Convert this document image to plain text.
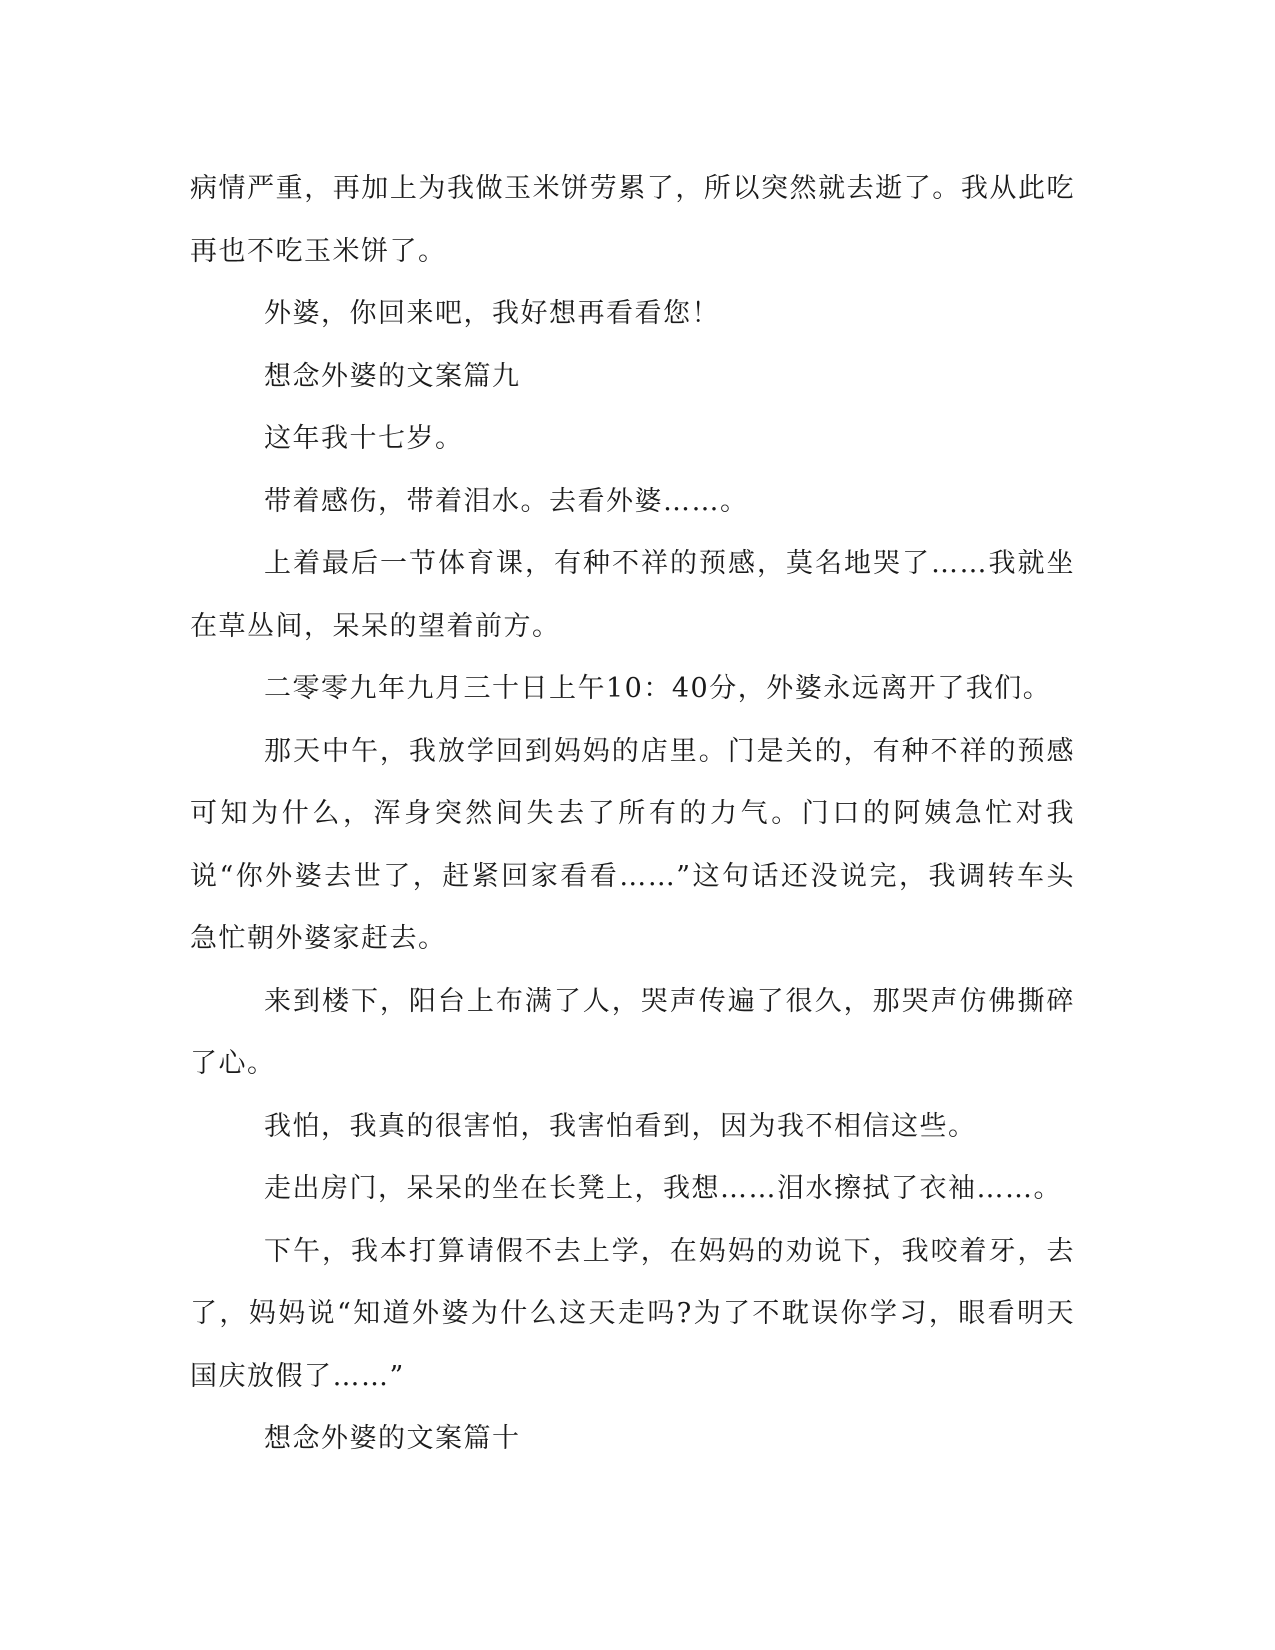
病情严重，再加上为我做玉米饼劳累了，所以突然就去逝了。我从此吃再也不吃玉米饼了。

外婆，你回来吧，我好想再看看您！

想念外婆的文案篇九

这年我十七岁。

带着感伤，带着泪水。去看外婆……。

上着最后一节体育课，有种不祥的预感，莫名地哭了……我就坐在草丛间，呆呆的望着前方。

二零零九年九月三十日上午10：40分，外婆永远离开了我们。

那天中午，我放学回到妈妈的店里。门是关的，有种不祥的预感可知为什么，浑身突然间失去了所有的力气。门口的阿姨急忙对我说“你外婆去世了，赶紧回家看看……”这句话还没说完，我调转车头急忙朝外婆家赶去。

来到楼下，阳台上布满了人，哭声传遍了很久，那哭声仿佛撕碎了心。

我怕，我真的很害怕，我害怕看到，因为我不相信这些。

走出房门，呆呆的坐在长凳上，我想……泪水擦拭了衣袖……。

下午，我本打算请假不去上学，在妈妈的劝说下，我咬着牙，去了，妈妈说“知道外婆为什么这天走吗?为了不耽误你学习，眼看明天国庆放假了……”

想念外婆的文案篇十
